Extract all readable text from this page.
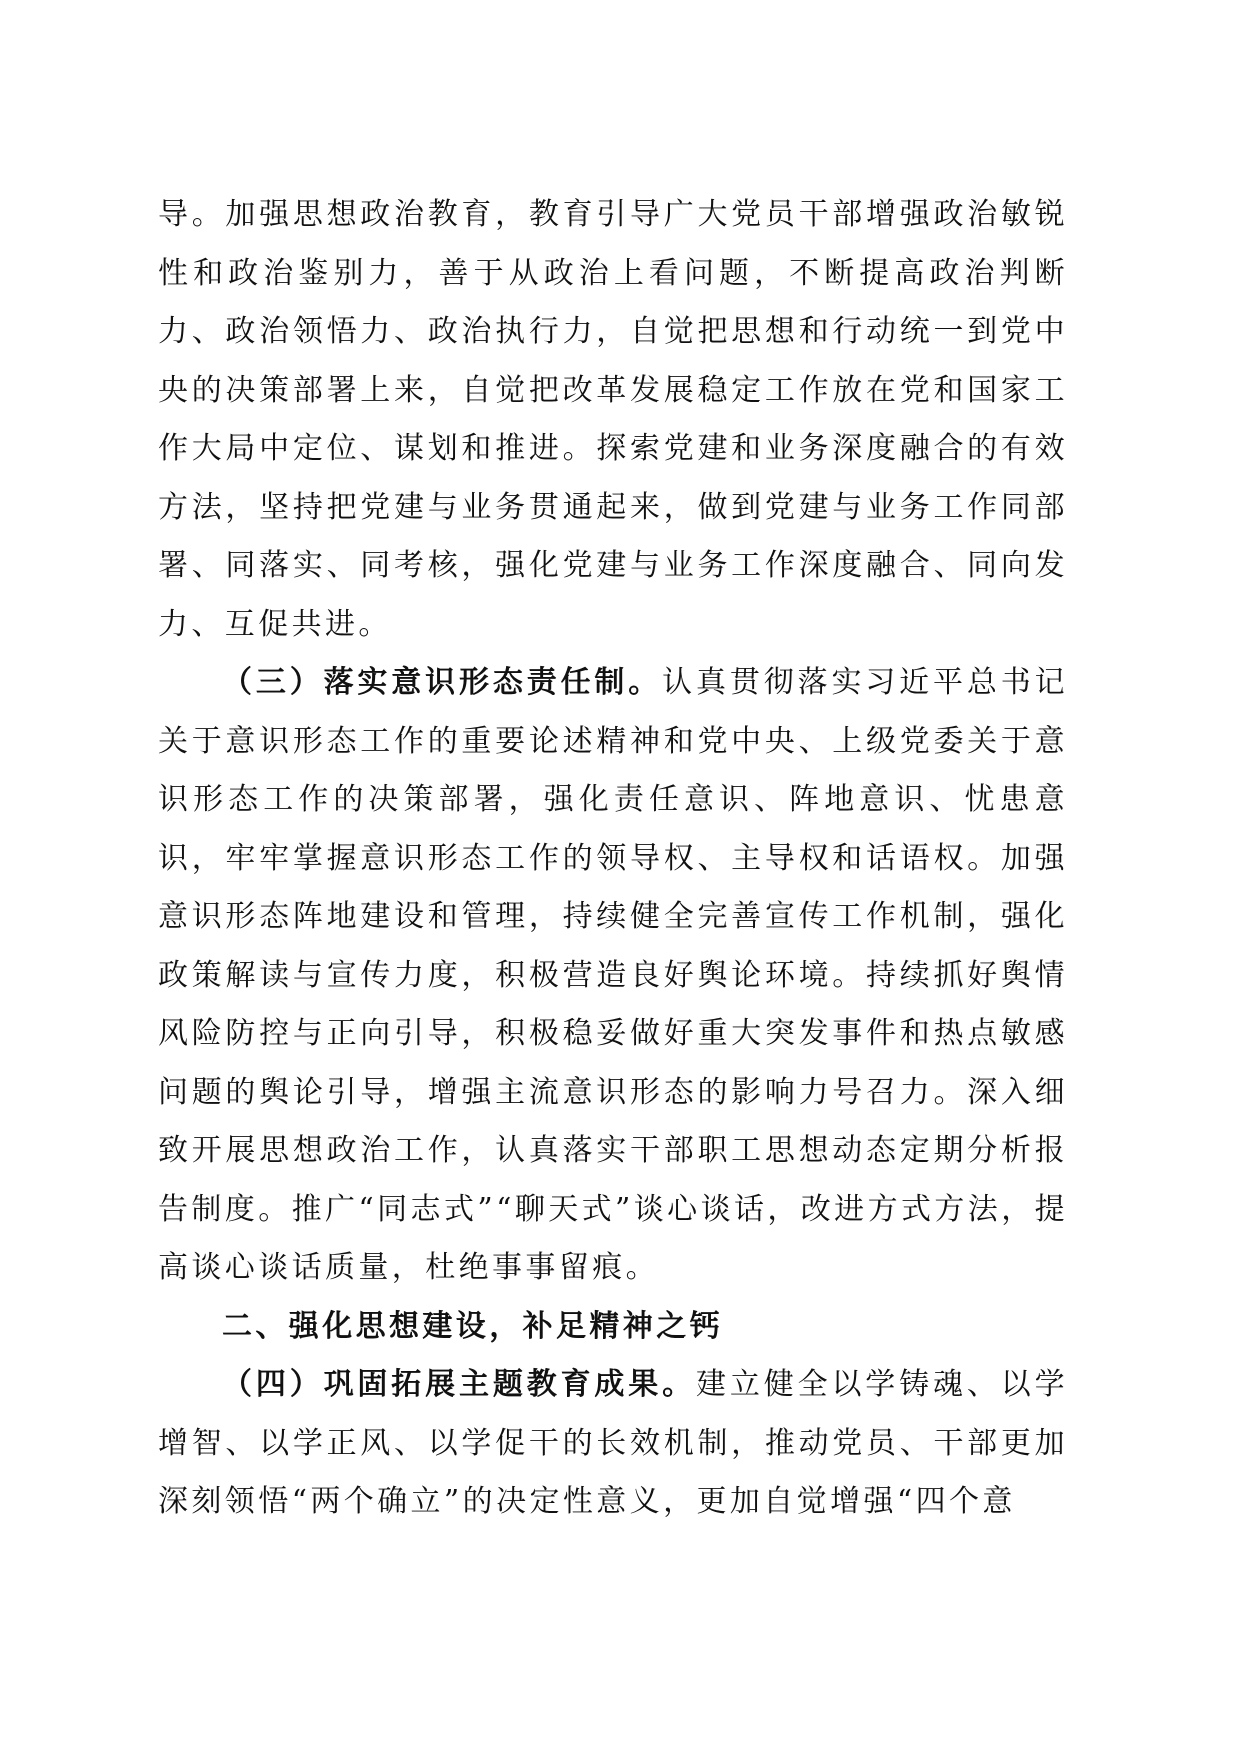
导。加强思想政治教育，教育引导广大党员干部增强政治敏锐性和政治鉴别力，善于从政治上看问题，不断提高政治判断力、政治领悟力、政治执行力，自觉把思想和行动统一到党中央的决策部署上来，自觉把改革发展稳定工作放在党和国家工作大局中定位、谋划和推进。探索党建和业务深度融合的有效方法，坚持把党建与业务贯通起来，做到党建与业务工作同部署、同落实、同考核，强化党建与业务工作深度融合、同向发力、互促共进。

（三）落实意识形态责任制。认真贯彻落实习近平总书记关于意识形态工作的重要论述精神和党中央、上级党委关于意识形态工作的决策部署，强化责任意识、阵地意识、忧患意识，牢牢掌握意识形态工作的领导权、主导权和话语权。加强意识形态阵地建设和管理，持续健全完善宣传工作机制，强化政策解读与宣传力度，积极营造良好舆论环境。持续抓好舆情风险防控与正向引导，积极稳妥做好重大突发事件和热点敏感问题的舆论引导，增强主流意识形态的影响力号召力。深入细致开展思想政治工作，认真落实干部职工思想动态定期分析报告制度。推广“同志式”“聊天式”谈心谈话，改进方式方法，提高谈心谈话质量，杜绝事事留痕。

二、强化思想建设，补足精神之钙

（四）巩固拓展主题教育成果。建立健全以学铸魂、以学增智、以学正风、以学促干的长效机制，推动党员、干部更加深刻领悟“两个确立”的决定性意义，更加自觉增强“四个意
